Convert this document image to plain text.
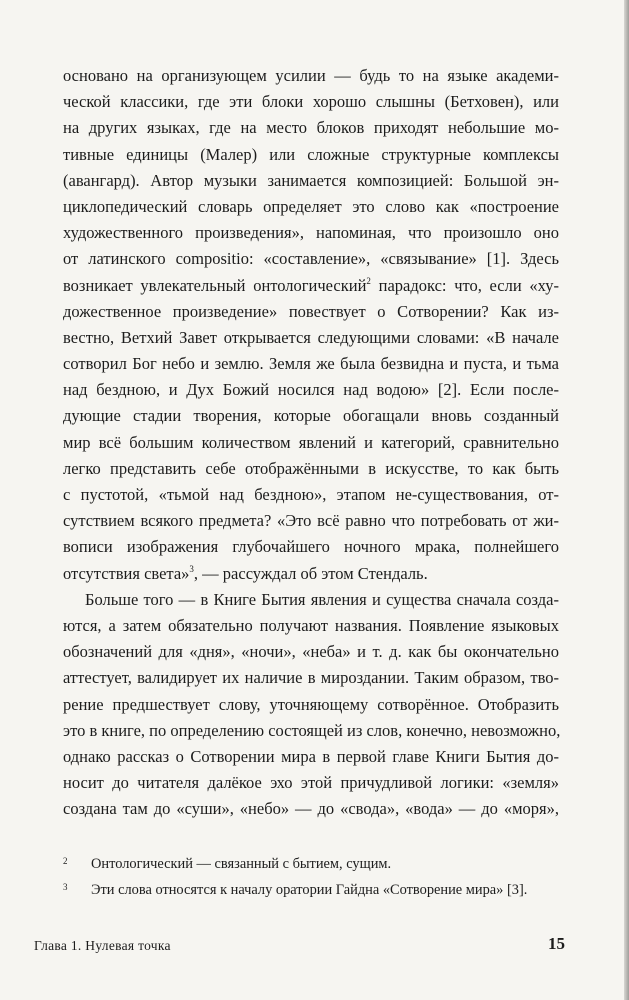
основано на организующем усилии — будь то на языке академи-
ческой классики, где эти блоки хорошо слышны (Бетховен), или
на других языках, где на место блоков приходят небольшие мо-
тивные единицы (Малер) или сложные структурные комплексы
(авангард). Автор музыки занимается композицией: Большой эн-
циклопедический словарь определяет это слово как «построение
художественного произведения», напоминая, что произошло оно
от латинского compositio: «составление», «связывание» [1]. Здесь
возникает увлекательный онтологический$^2$ парадокс: что, если «ху-
дожественное произведение» повествует о Сотворении? Как из-
вестно, Ветхий Завет открывается следующими словами: «В начале
сотворил Бог небо и землю. Земля же была безвидна и пуста, и тьма
над бездною, и Дух Божий носился над водою» [2]. Если после-
дующие стадии творения, которые обогащали вновь созданный
мир всё большим количеством явлений и категорий, сравнительно
легко представить себе отображёнными в искусстве, то как быть
с пустотой, «тьмой над бездною», этапом не-существования, от-
сутствием всякого предмета? «Это всё равно что потребовать от жи-
вописи изображения глубочайшего ночного мрака, полнейшего
отсутствия света»$^3$, — рассуждал об этом Стендаль.
Больше того — в Книге Бытия явления и существа сначала созда-
ются, а затем обязательно получают названия. Появление языковых
обозначений для «дня», «ночи», «неба» и т. д. как бы окончательно
аттестует, валидирует их наличие в мироздании. Таким образом, тво-
рение предшествует слову, уточняющему сотворённое. Отобразить
это в книге, по определению состоящей из слов, конечно, невозможно,
однако рассказ о Сотворении мира в первой главе Книги Бытия до-
носит до читателя далёкое эхо этой причудливой логики: «земля»
создана там до «суши», «небо» — до «свода», «вода» — до «моря»,
2	Онтологический — связанный с бытием, сущим.
3	Эти слова относятся к началу оратории Гайдна «Сотворение мира» [3].
Глава 1. Нулевая точка	15
